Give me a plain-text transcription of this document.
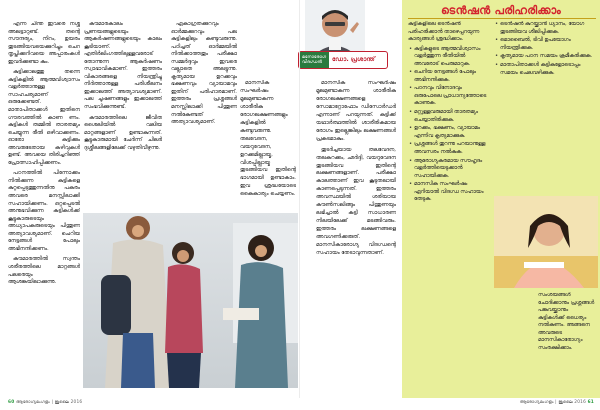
എന്ന ചിന്ത ഇവരെ നശ്ശ അലട്ടാറുണ്ട്. തന്റെ സൗന്ദര്യം, നിറം, ഉയരം തുടങ്ങിയവയെക്കുറിച്ചും ചെറ തൃപ്തിക്കുറിവയെ അപ്പാരംകൾ ഇവർക്കുണ്ടാ കും.

കുട്ടിക്കാലത്തു തന്നെ കുട്ടികളിൽ ആത്മവിശ്വാസം വളർത്താനുള്ള സാഹചര്യമാണ് ഒരുക്കേണ്ടത്. മാതാപിതാക്കൾ ഇതിനെ ഗൗരവത്തിൽ കാണ ണം. കുട്ടികൾ തമ്മിൽ താരതമ്യം ചെയ്യുന്ന രീതി ഒഴിവാക്കണം. ഓരോ കുട്ടിക്കും അവരുടേതായ കഴിവുകൾ ഉണ്ട്. അവയെ തിരിച്ചറിഞ്ഞ് പ്രോത്സാഹിപ്പിക്കണം.

പഠനത്തിൽ പിന്നോക്കം നിൽക്കുന്ന കുട്ടികളെ കുറ്റപ്പെടുത്തുന്നതിനു പകരം അവരെ മനസ്സിലാക്കി സഹായിക്കണം. ഒറ്റപ്പെടൽ അനുഭവിക്കുന്ന കുട്ടികൾക്ക് കൂട്ടുകാരുടെയും അധ്യാപകരുടെയും പിന്തുണ അത്യാവശ്യമാണ്. ചെറിയ നേട്ടങ്ങൾ പോലും അഭിനന്ദിക്കണം.

കൗമാരത്തിൽ സ്വന്തം ശരീരത്തിലെ മാറ്റങ്ങൾ പലരെയും ആശങ്കയിലാക്കുന്നു.

കൗമാരകാലം പ്രണയങ്ങളുടെയും ആകർഷണങ്ങളുടെയും കാലം കൂടിയാണ്. എതിർലിംഗത്തിലുള്ളവരോട് തോന്നുന്ന ആകർഷണം സ്വാഭാവികമാണ്. ഇത്തരം വികാരങ്ങളെ നിയന്ത്രിച്ചു നിർത്താനുള്ള പരിശീലനം ഇക്കാലത്ത് അത്യാവശ്യമാണ്. പല ചൂഷണങ്ങളും ഇക്കാലത്ത് സംഭവിക്കുന്നുണ്ട്.

കൗമാരത്തിലെ ജീവിത ശൈലിയിൽ വലിയ മാറ്റങ്ങളാണ് ഉണ്ടാകുന്നത്. കൂട്ടുകാരുമായി ചേർന്ന് ചിലർ ദുശ്ശീലങ്ങളിലേക്ക് വഴുതിവീഴുന്നു.

ഏകാഗ്രതക്കുറവും ഓർമ്മക്കുറവും പല കുട്ടികളിലും കണ്ടുവരുന്നു. പഠിച്ചത് ഓർമ്മയിൽ നിൽക്കാത്തതും പരീക്ഷാ സമ്മർദ്ദവും ഇവരെ വല്ലാതെ അലട്ടുന്നു. കൃത്യമായ ഉറക്കവും ഭക്ഷണവും വ്യായാമവും ഇതിന് പരിഹാരമാണ്. ഇത്തരം പ്രശ്നങ്ങൾ മനസ്സിലാക്കി പിന്തുണ നൽകേണ്ടത് അത്യാവശ്യമാണ്.

മാനസിക സംഘർഷം മൂലമുണ്ടാകുന്ന ശാരീരിക രോഗലക്ഷണങ്ങളും കുട്ടികളിൽ കണ്ടുവരുന്നു. തലവേദന, വയറുവേദന, ഉറക്കമില്ലായ്മ, വിശപ്പില്ലായ്മ തുടങ്ങിയവ ഇതിന്റെ ഭാഗമായി ഉണ്ടാകാം. ഇവ ശ്രദ്ധയോടെ കൈകാര്യം ചെയ്യണം.

മാനസിക സംഘർഷം മൂലമുണ്ടാകുന്ന ശാരീരിക രോഗലക്ഷണങ്ങളെ സോമാറ്റോഫോം ഡിസോർഡർ എന്നാണ് പറയുന്നത്. കുട്ടിക്ക് യഥാർത്ഥത്തിൽ ശാരീരികമായ രോഗം ഇല്ലെങ്കിലും ലക്ഷണങ്ങൾ പ്രകടമാകും.

തുടർച്ചയായ തലവേദന, തലകറക്കം, ഛർദ്ദി, വയറുവേദന തുടങ്ങിയവ ഇതിന്റെ ലക്ഷണങ്ങളാണ്. പരീക്ഷാ കാലത്താണ് ഇവ കൂടുതലായി കാണപ്പെടുന്നത്. ഇത്തരം അവസ്ഥയിൽ ശരിയായ കൗൺസലിങ്ങും പിന്തുണയും ലഭിച്ചാൽ കുട്ടി സാധാരണ നിലയിലേക്ക് മടങ്ങിവരും. ഇത്തരം ലക്ഷണങ്ങളെ അവഗണിക്കരുത്. മാനസികാരോഗ്യ വിദഗ്ധന്റെ സഹായം തേടാവുന്നതാണ്.

മനോരോഗ വിദഗ്ധൻ	ഡോ. പ്രശാന്ത്
ടെൻഷൻ പരിഹരിക്കാം
കുട്ടികളിലെ ടെൻഷൻ പരിഹരിക്കാൻ താഴെപ്പറയുന്ന കാര്യങ്ങൾ ശ്രദ്ധിക്കാം.
• കുട്ടികളുടെ ആത്മവിശ്വാസം വളർത്തുന്ന രീതിയിൽ അവരോട് പെരുമാറുക.
• ചെറിയ നേട്ടങ്ങൾ പോലും അഭിനന്ദിക്കുക.
• പഠനവും വിനോദവും ഒരുപോലെ പ്രാധാന്യത്തോടെ കാണുക.
• മറ്റുള്ളവരുമായി താരതമ്യം ചെയ്യാതിരിക്കുക.
• ഉറക്കം, ഭക്ഷണം, വ്യായാമം എന്നിവ കൃത്യമാക്കുക.
• പ്രശ്നങ്ങൾ തുറന്നു പറയാനുള്ള അവസരം നൽകുക.
• ആരോഗ്യകരമായ സൗഹൃദം വളർത്തിയെടുക്കാൻ സഹായിക്കുക.
• മാനസിക സംഘർഷം ഏറിയാൽ വിദഗ്ധ സഹായം തേടുക.
• ടെൻഷൻ കുറയ്ക്കാൻ ധ്യാനം, യോഗ തുടങ്ങിയവ ശീലിപ്പിക്കുക.
• മൊബൈൽ, ടിവി ഉപയോഗം നിയന്ത്രിക്കുക.
• കൃത്യമായ പഠന സമയം ക്രമീകരിക്കുക.
• മാതാപിതാക്കൾ കുട്ടികളോടൊപ്പം സമയം ചെലവഴിക്കുക.
സംശയങ്ങൾ ചോദിക്കാനും പ്രശ്നങ്ങൾ പങ്കുവയ്ക്കാനും കുട്ടികൾക്ക് ധൈര്യം നൽകണം. അങ്ങനെ അവരുടെ മാനസികാരോഗ്യം സംരക്ഷിക്കാം.
60 ആരോഗ്യമംഗളം | ജൂലൈ 2016	ആരോഗ്യമംഗളം | ജൂലൈ 2016 61
